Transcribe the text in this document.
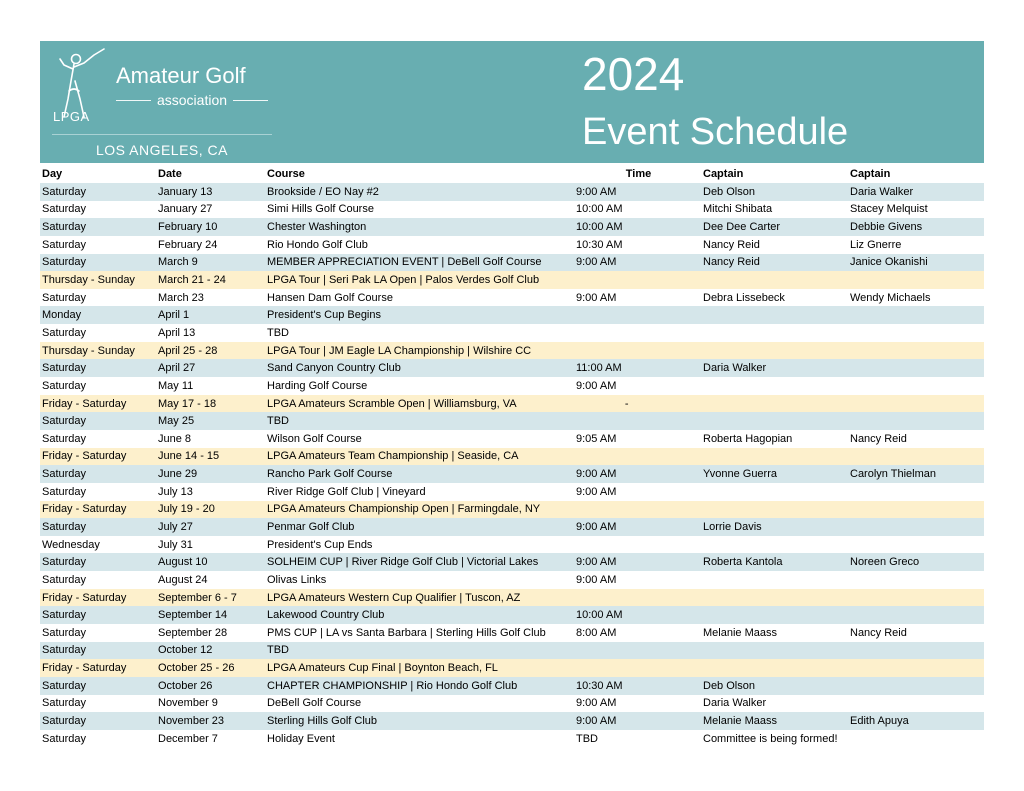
LPGA
Amateur Golf
association
LOS ANGELES, CA
2024
Event Schedule
Day	Date	Course	Time	Captain	Captain
Saturday	January 13	Brookside / EO Nay #2	9:00 AM	Deb Olson	Daria Walker
Saturday	January 27	Simi Hills Golf Course	10:00 AM	Mitchi Shibata	Stacey Melquist
Saturday	February 10	Chester Washington	10:00 AM	Dee Dee Carter	Debbie Givens
Saturday	February 24	Rio Hondo Golf Club	10:30 AM	Nancy Reid	Liz Gnerre
Saturday	March 9	MEMBER APPRECIATION EVENT | DeBell Golf Course	9:00 AM	Nancy Reid	Janice Okanishi
Thursday - Sunday	March 21 - 24	LPGA Tour | Seri Pak LA Open | Palos Verdes Golf Club			
Saturday	March 23	Hansen Dam Golf Course	9:00 AM	Debra Lissebeck	Wendy Michaels
Monday	April 1	President's Cup Begins			
Saturday	April 13	TBD			
Thursday - Sunday	April 25 - 28	LPGA Tour | JM Eagle LA Championship | Wilshire CC			
Saturday	April 27	Sand Canyon Country Club	11:00 AM	Daria Walker	
Saturday	May 11	Harding Golf Course	9:00 AM		
Friday - Saturday	May 17 - 18	LPGA Amateurs Scramble Open | Williamsburg, VA	-		
Saturday	May 25	TBD			
Saturday	June 8	Wilson Golf Course	9:05 AM	Roberta Hagopian	Nancy Reid
Friday - Saturday	June 14 - 15	LPGA Amateurs Team Championship | Seaside, CA			
Saturday	June 29	Rancho Park Golf Course	9:00 AM	Yvonne Guerra	Carolyn Thielman
Saturday	July 13	River Ridge Golf Club | Vineyard	9:00 AM		
Friday - Saturday	July 19 - 20	LPGA Amateurs Championship Open | Farmingdale, NY			
Saturday	July 27	Penmar Golf Club	9:00 AM	Lorrie Davis	
Wednesday	July 31	President's Cup Ends			
Saturday	August 10	SOLHEIM CUP | River Ridge Golf Club | Victorial Lakes	9:00 AM	Roberta Kantola	Noreen Greco
Saturday	August 24	Olivas Links	9:00 AM		
Friday - Saturday	September 6 - 7	LPGA Amateurs Western Cup Qualifier | Tuscon, AZ			
Saturday	September 14	Lakewood Country Club	10:00 AM		
Saturday	September 28	PMS CUP | LA vs Santa Barbara | Sterling Hills Golf Club	8:00 AM	Melanie Maass	Nancy Reid
Saturday	October 12	TBD			
Friday - Saturday	October 25 - 26	LPGA Amateurs Cup Final | Boynton Beach, FL			
Saturday	October 26	CHAPTER CHAMPIONSHIP | Rio Hondo Golf Club	10:30 AM	Deb Olson	
Saturday	November 9	DeBell Golf Course	9:00 AM	Daria Walker	
Saturday	November 23	Sterling Hills Golf Club	9:00 AM	Melanie Maass	Edith Apuya
Saturday	December 7	Holiday Event	TBD	Committee is being formed!	
